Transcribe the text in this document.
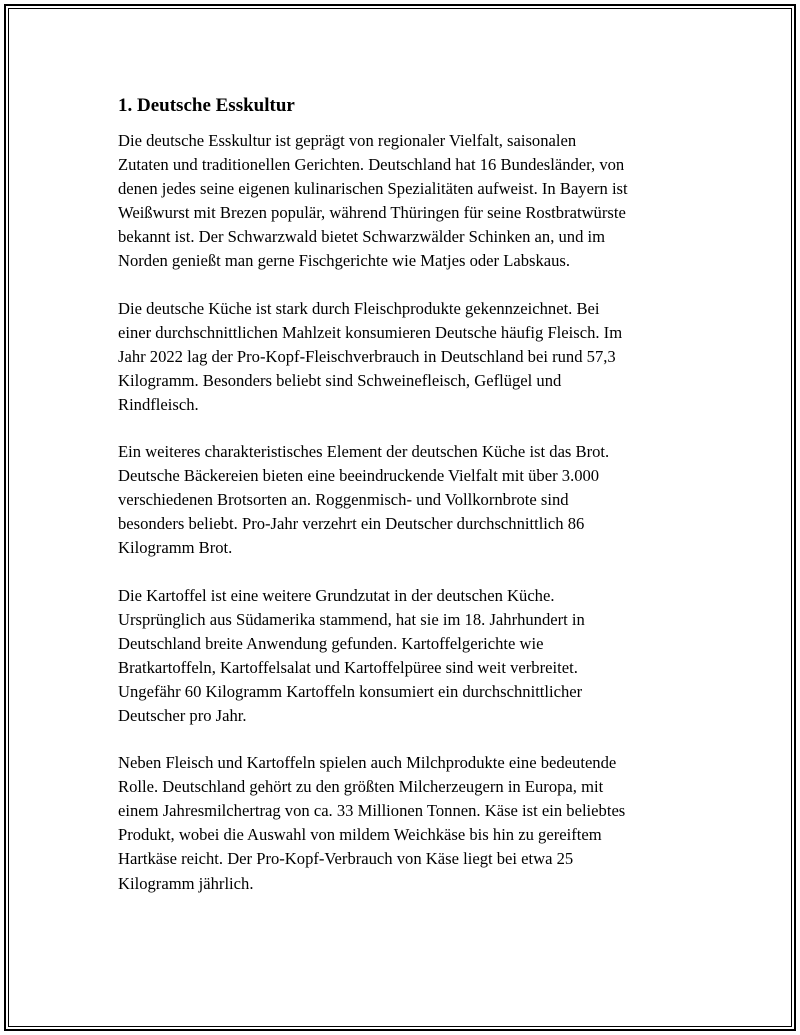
1. Deutsche Esskultur
Die deutsche Esskultur ist geprägt von regionaler Vielfalt, saisonalen
Zutaten und traditionellen Gerichten. Deutschland hat 16 Bundesländer, von
denen jedes seine eigenen kulinarischen Spezialitäten aufweist. In Bayern ist
Weißwurst mit Brezen populär, während Thüringen für seine Rostbratwürste
bekannt ist. Der Schwarzwald bietet Schwarzwälder Schinken an, und im
Norden genießt man gerne Fischgerichte wie Matjes oder Labskaus.
Die deutsche Küche ist stark durch Fleischprodukte gekennzeichnet. Bei
einer durchschnittlichen Mahlzeit konsumieren Deutsche häufig Fleisch. Im
Jahr 2022 lag der Pro-Kopf-Fleischverbrauch in Deutschland bei rund 57,3
Kilogramm. Besonders beliebt sind Schweinefleisch, Geflügel und
Rindfleisch.
Ein weiteres charakteristisches Element der deutschen Küche ist das Brot.
Deutsche Bäckereien bieten eine beeindruckende Vielfalt mit über 3.000
verschiedenen Brotsorten an. Roggenmisch- und Vollkornbrote sind
besonders beliebt. Pro-Jahr verzehrt ein Deutscher durchschnittlich 86
Kilogramm Brot.
Die Kartoffel ist eine weitere Grundzutat in der deutschen Küche.
Ursprünglich aus Südamerika stammend, hat sie im 18. Jahrhundert in
Deutschland breite Anwendung gefunden. Kartoffelgerichte wie
Bratkartoffeln, Kartoffelsalat und Kartoffelpüree sind weit verbreitet.
Ungefähr 60 Kilogramm Kartoffeln konsumiert ein durchschnittlicher
Deutscher pro Jahr.
Neben Fleisch und Kartoffeln spielen auch Milchprodukte eine bedeutende
Rolle. Deutschland gehört zu den größten Milcherzeugern in Europa, mit
einem Jahresmilchertrag von ca. 33 Millionen Tonnen. Käse ist ein beliebtes
Produkt, wobei die Auswahl von mildem Weichkäse bis hin zu gereiftem
Hartkäse reicht. Der Pro-Kopf-Verbrauch von Käse liegt bei etwa 25
Kilogramm jährlich.
